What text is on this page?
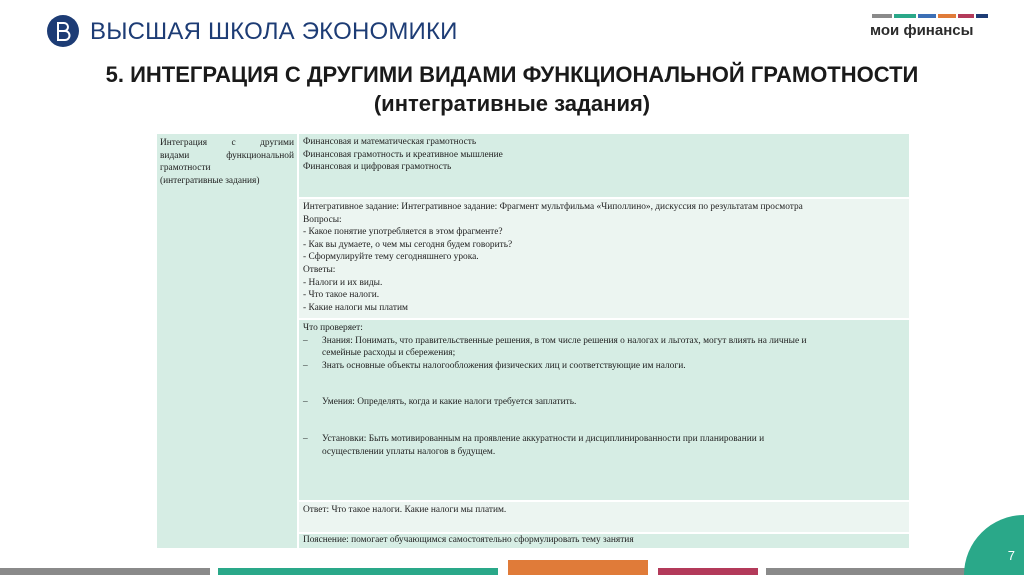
ВЫСШАЯ ШКОЛА ЭКОНОМИКИ	мои финансы
5. ИНТЕГРАЦИЯ С ДРУГИМИ ВИДАМИ ФУНКЦИОНАЛЬНОЙ ГРАМОТНОСТИ
(интегративные задания)
Интеграция с другими
видами функциональной
грамотности
(интегративные задания)
Финансовая и математическая грамотность
Финансовая грамотность и креативное мышление
Финансовая и цифровая грамотность
Интегративное задание: Интегративное задание: Фрагмент мультфильма «Чиполлино», дискуссия по результатам просмотра
Вопросы:
- Какое понятие употребляется в этом фрагменте?
- Как вы думаете, о чем мы сегодня будем говорить?
- Сформулируйте тему сегодняшнего урока.
Ответы:
- Налоги и их виды.
- Что такое налоги.
- Какие налоги мы платим
Что проверяет:
– Знания: Понимать, что правительственные решения, в том числе решения о налогах и льготах, могут влиять на личные и
семейные расходы и сбережения;
– Знать основные объекты налогообложения физических лиц и соответствующие им налоги.
– Умения: Определять, когда и какие налоги требуется заплатить.
– Установки: Быть мотивированным на проявление аккуратности и дисциплинированности при планировании и
осуществлении уплаты налогов в будущем.
Ответ: Что такое налоги. Какие налоги мы платим.
Пояснение: помогает обучающимся самостоятельно сформулировать тему занятия
7
